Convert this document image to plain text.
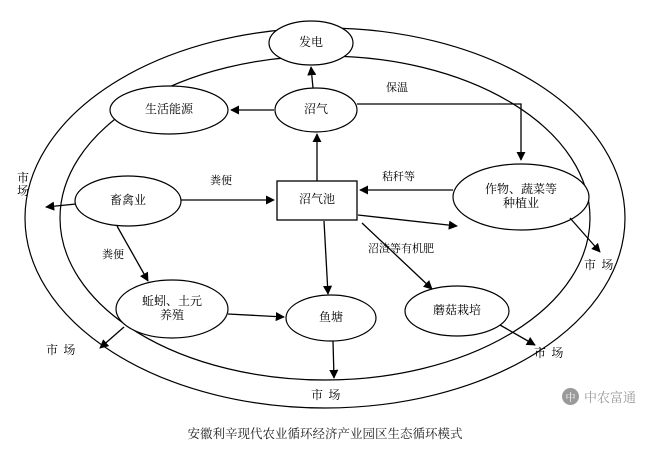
发电
生活能源	沼气
沼气池
畜禽业
作物、蔬菜等
种植业
蚯蚓、土元
养殖	鱼塘	蘑菇栽培
粪便
粪便
保温
秸秆等
沼渣等有机肥
市 场
市 场
市 场
市 场
市 场	中 中农富通
安徽利辛现代农业循环经济产业园区生态循环模式
